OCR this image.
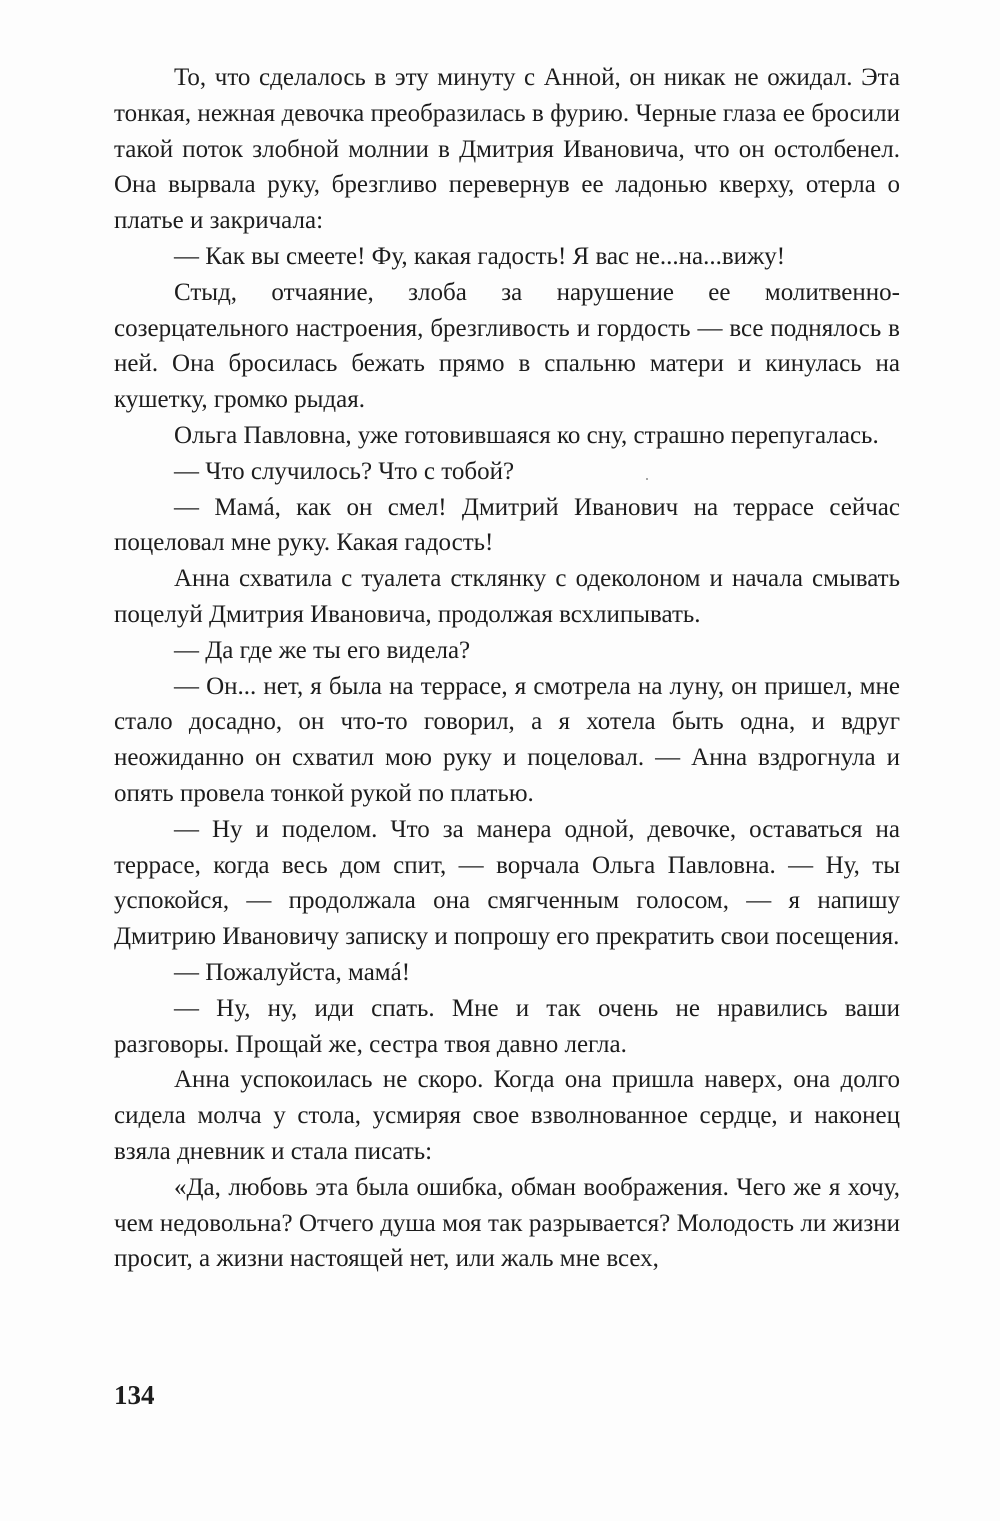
То, что сделалось в эту минуту с Анной, он никак не ожидал. Эта тонкая, нежная девочка преобразилась в фурию. Черные глаза ее бросили такой поток злобной молнии в Дмитрия Ивановича, что он остолбенел. Она вырвала руку, брезгливо перевернув ее ладонью кверху, отерла о платье и закричала:

— Как вы смеете! Фу, какая гадость! Я вас не...на...вижу!

Стыд, отчаяние, злоба за нарушение ее молитвенно-созерцательного настроения, брезгливость и гордость — все поднялось в ней. Она бросилась бежать прямо в спальню матери и кинулась на кушетку, громко рыдая.

Ольга Павловна, уже готовившаяся ко сну, страшно перепугалась.

— Что случилось? Что с тобой?

— Мамá, как он смел! Дмитрий Иванович на террасе сейчас поцеловал мне руку. Какая гадость!

Анна схватила с туалета стклянку с одеколоном и начала смывать поцелуй Дмитрия Ивановича, продолжая всхлипывать.

— Да где же ты его видела?

— Он... нет, я была на террасе, я смотрела на луну, он пришел, мне стало досадно, он что-то говорил, а я хотела быть одна, и вдруг неожиданно он схватил мою руку и поцеловал. — Анна вздрогнула и опять провела тонкой рукой по платью.

— Ну и поделом. Что за манера одной, девочке, оставаться на террасе, когда весь дом спит, — ворчала Ольга Павловна. — Ну, ты успокойся, — продолжала она смягченным голосом, — я напишу Дмитрию Ивановичу записку и попрошу его прекратить свои посещения.

— Пожалуйста, мамá!

— Ну, ну, иди спать. Мне и так очень не нравились ваши разговоры. Прощай же, сестра твоя давно легла.

Анна успокоилась не скоро. Когда она пришла наверх, она долго сидела молча у стола, усмиряя свое взволнованное сердце, и наконец взяла дневник и стала писать:

«Да, любовь эта была ошибка, обман воображения. Чего же я хочу, чем недовольна? Отчего душа моя так разрывается? Молодость ли жизни просит, а жизни настоящей нет, или жаль мне всех,

134
